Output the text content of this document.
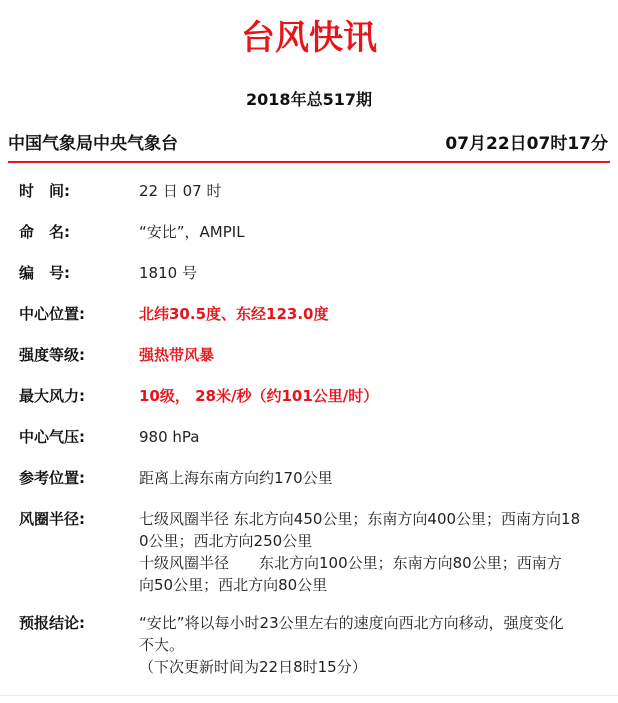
台风快讯
2018年总517期
中国气象局中央气象台	07月22日07时17分
时　间:	22 日 07 时
命　名:	“安比”，AMPIL
编　号:	1810 号
中心位置:	北纬30.5度、东经123.0度
强度等级:	强热带风暴
最大风力:	10级， 28米/秒（约101公里/时）
中心气压:	980 hPa
参考位置:	距离上海东南方向约170公里
风圈半径:	七级风圈半径 东北方向450公里；东南方向400公里；西南方向18
0公里；西北方向250公里
十级风圈半径　　东北方向100公里；东南方向80公里；西南方
向50公里；西北方向80公里
预报结论:	“安比”将以每小时23公里左右的速度向西北方向移动，强度变化
不大。
（下次更新时间为22日8时15分）
